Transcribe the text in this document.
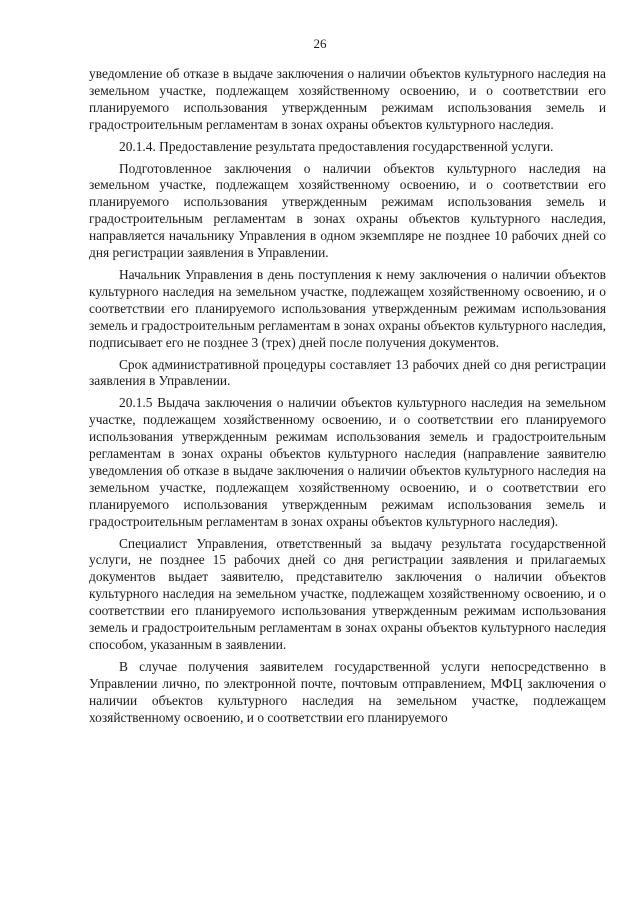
26

уведомление об отказе в выдаче заключения о наличии объектов культурного наследия на земельном участке, подлежащем хозяйственному освоению, и о соответствии его планируемого использования утвержденным режимам использования земель и градостроительным регламентам в зонах охраны объектов культурного наследия.

20.1.4. Предоставление результата предоставления государственной услуги.

Подготовленное заключения о наличии объектов культурного наследия на земельном участке, подлежащем хозяйственному освоению, и о соответствии его планируемого использования утвержденным режимам использования земель и градостроительным регламентам в зонах охраны объектов культурного наследия, направляется начальнику Управления в одном экземпляре не позднее 10 рабочих дней со дня регистрации заявления в Управлении.

Начальник Управления в день поступления к нему заключения о наличии объектов культурного наследия на земельном участке, подлежащем хозяйственному освоению, и о соответствии его планируемого использования утвержденным режимам использования земель и градостроительным регламентам в зонах охраны объектов культурного наследия, подписывает его не позднее 3 (трех) дней после получения документов.

Срок административной процедуры составляет 13 рабочих дней со дня регистрации заявления в Управлении.

20.1.5 Выдача заключения о наличии объектов культурного наследия на земельном участке, подлежащем хозяйственному освоению, и о соответствии его планируемого использования утвержденным режимам использования земель и градостроительным регламентам в зонах охраны объектов культурного наследия (направление заявителю уведомления об отказе в выдаче заключения о наличии объектов культурного наследия на земельном участке, подлежащем хозяйственному освоению, и о соответствии его планируемого использования утвержденным режимам использования земель и градостроительным регламентам в зонах охраны объектов культурного наследия).

Специалист Управления, ответственный за выдачу результата государственной услуги, не позднее 15 рабочих дней со дня регистрации заявления и прилагаемых документов выдает заявителю, представителю заключения о наличии объектов культурного наследия на земельном участке, подлежащем хозяйственному освоению, и о соответствии его планируемого использования утвержденным режимам использования земель и градостроительным регламентам в зонах охраны объектов культурного наследия способом, указанным в заявлении.

В случае получения заявителем государственной услуги непосредственно в Управлении лично, по электронной почте, почтовым отправлением, МФЦ заключения о наличии объектов культурного наследия на земельном участке, подлежащем хозяйственному освоению, и о соответствии его планируемого
